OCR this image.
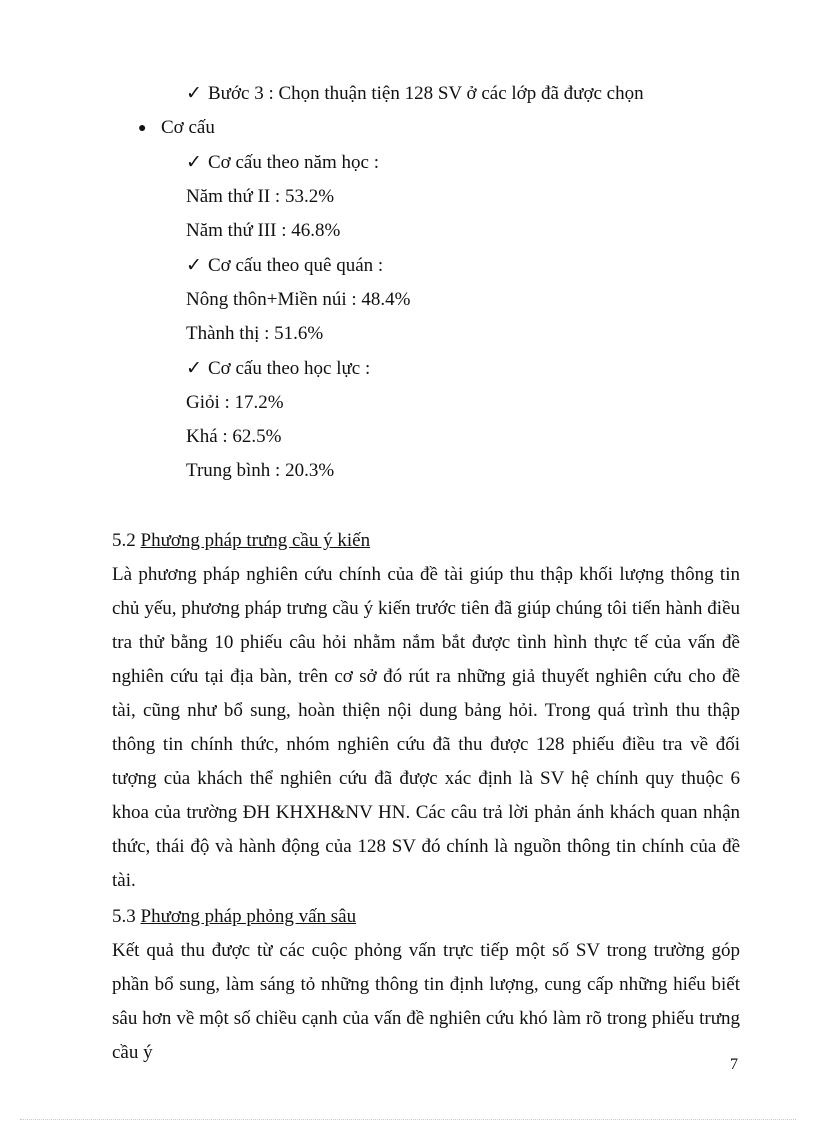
✓ Bước 3 : Chọn thuận tiện 128 SV ở các lớp đã được chọn
● Cơ cấu
✓ Cơ cấu theo năm học :
Năm thứ II : 53.2%
Năm thứ III : 46.8%
✓ Cơ cấu theo quê quán :
Nông thôn+Miền núi : 48.4%
Thành thị : 51.6%
✓ Cơ cấu theo học lực :
Giỏi : 17.2%
Khá : 62.5%
Trung bình : 20.3%
5.2 Phương pháp trưng cầu ý kiến
Là phương pháp nghiên cứu chính của đề tài giúp thu thập khối lượng thông tin chủ yếu, phương pháp trưng cầu ý kiến trước tiên đã giúp chúng tôi tiến hành điều tra thử bằng 10 phiếu câu hỏi nhằm nắm bắt được tình hình thực tế của vấn đề nghiên cứu tại địa bàn, trên cơ sở đó rút ra những giả thuyết nghiên cứu cho đề tài, cũng như bổ sung, hoàn thiện nội dung bảng hỏi. Trong quá trình thu thập thông tin chính thức, nhóm nghiên cứu đã thu được 128 phiếu điều tra về đối tượng của khách thể nghiên cứu đã được xác định là SV hệ chính quy thuộc 6 khoa của trường ĐH KHXH&NV HN. Các câu trả lời phản ánh khách quan nhận thức, thái độ và hành động của 128 SV đó chính là nguồn thông tin chính của đề tài.
5.3 Phương pháp phỏng vấn sâu
Kết quả thu được từ các cuộc phỏng vấn trực tiếp một số SV trong trường góp phần bổ sung, làm sáng tỏ những thông tin định lượng, cung cấp những hiểu biết sâu hơn về một số chiều cạnh của vấn đề nghiên cứu khó làm rõ trong phiếu trưng cầu ý
7
